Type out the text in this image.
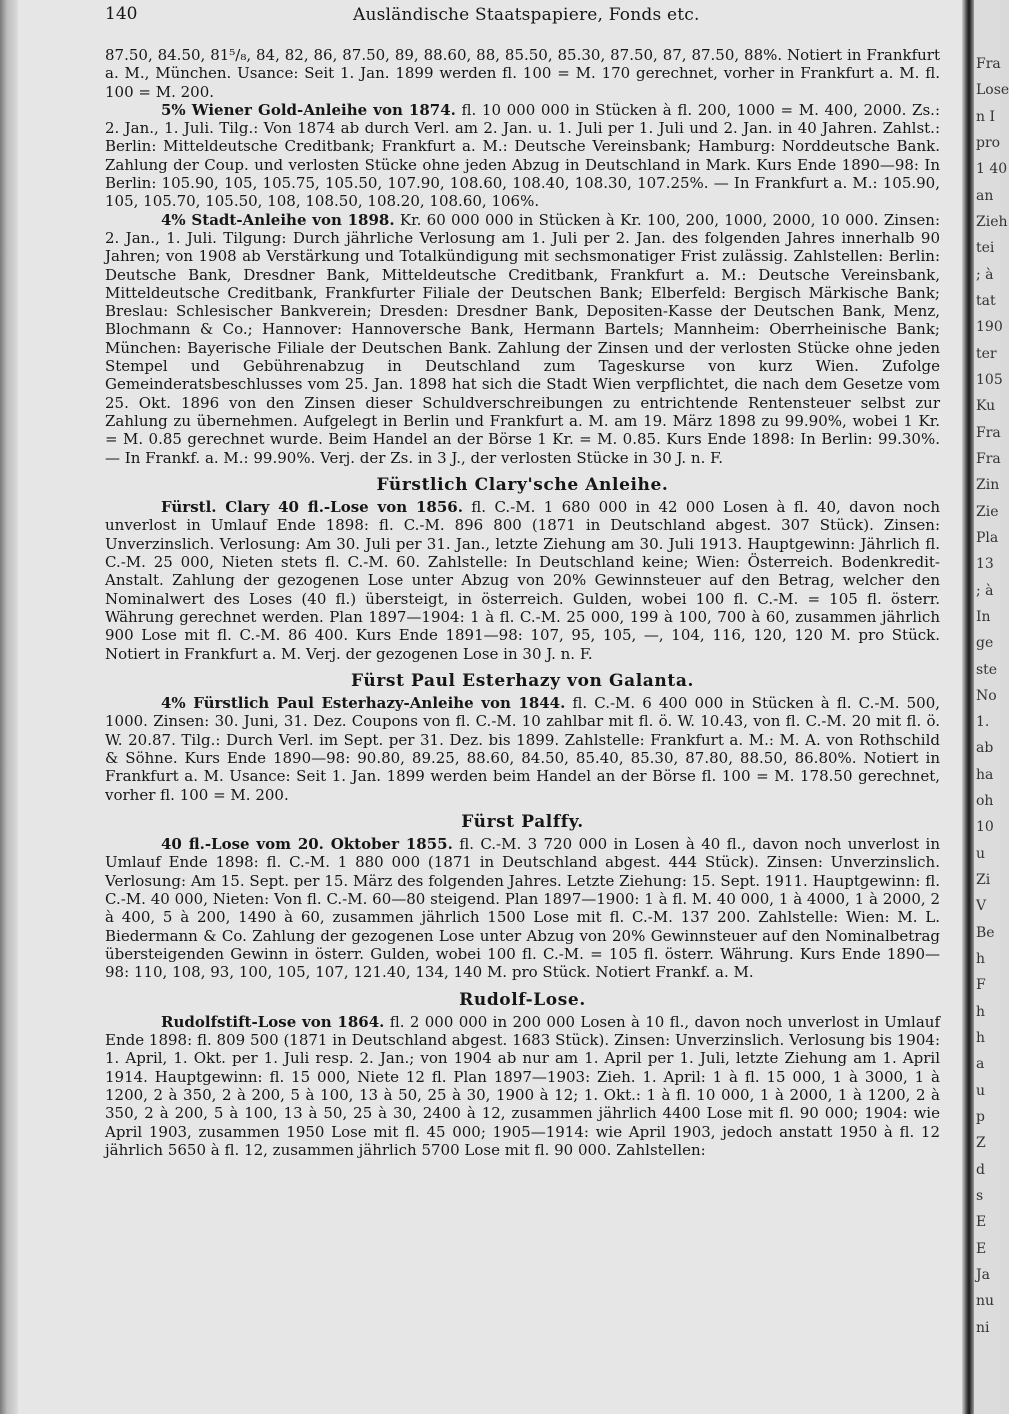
140	Ausländische Staatspapiere, Fonds etc.

87.50, 84.50, 81⁵/₈, 84, 82, 86, 87.50, 89, 88.60, 88, 85.50, 85.30, 87.50, 87, 87.50, 88%. Notiert in Frankfurt a. M., München. Usance: Seit 1. Jan. 1899 werden fl. 100 = M. 170 gerechnet, vorher in Frankfurt a. M. fl. 100 = M. 200.

5% Wiener Gold-Anleihe von 1874. fl. 10 000 000 in Stücken à fl. 200, 1000 = M. 400, 2000. Zs.: 2. Jan., 1. Juli. Tilg.: Von 1874 ab durch Verl. am 2. Jan. u. 1. Juli per 1. Juli und 2. Jan. in 40 Jahren. Zahlst.: Berlin: Mitteldeutsche Creditbank; Frankfurt a. M.: Deutsche Vereinsbank; Hamburg: Norddeutsche Bank. Zahlung der Coup. und verlosten Stücke ohne jeden Abzug in Deutschland in Mark. Kurs Ende 1890—98: In Berlin: 105.90, 105, 105.75, 105.50, 107.90, 108.60, 108.40, 108.30, 107.25%. — In Frankfurt a. M.: 105.90, 105, 105.70, 105.50, 108, 108.50, 108.20, 108.60, 106%.

4% Stadt-Anleihe von 1898. Kr. 60 000 000 in Stücken à Kr. 100, 200, 1000, 2000, 10 000. Zinsen: 2. Jan., 1. Juli. Tilgung: Durch jährliche Verlosung am 1. Juli per 2. Jan. des folgenden Jahres innerhalb 90 Jahren; von 1908 ab Verstärkung und Totalkündigung mit sechsmonatiger Frist zulässig. Zahlstellen: Berlin: Deutsche Bank, Dresdner Bank, Mitteldeutsche Creditbank, Frankfurt a. M.: Deutsche Vereinsbank, Mitteldeutsche Creditbank, Frankfurter Filiale der Deutschen Bank; Elberfeld: Bergisch Märkische Bank; Breslau: Schlesischer Bankverein; Dresden: Dresdner Bank, Depositen-Kasse der Deutschen Bank, Menz, Blochmann & Co.; Hannover: Hannoversche Bank, Hermann Bartels; Mannheim: Oberrheinische Bank; München: Bayerische Filiale der Deutschen Bank. Zahlung der Zinsen und der verlosten Stücke ohne jeden Stempel und Gebührenabzug in Deutschland zum Tageskurse von kurz Wien. Zufolge Gemeinderatsbeschlusses vom 25. Jan. 1898 hat sich die Stadt Wien verpflichtet, die nach dem Gesetze vom 25. Okt. 1896 von den Zinsen dieser Schuldverschreibungen zu entrichtende Rentensteuer selbst zur Zahlung zu übernehmen. Aufgelegt in Berlin und Frankfurt a. M. am 19. März 1898 zu 99.90%, wobei 1 Kr. = M. 0.85 gerechnet wurde. Beim Handel an der Börse 1 Kr. = M. 0.85. Kurs Ende 1898: In Berlin: 99.30%. — In Frankf. a. M.: 99.90%. Verj. der Zs. in 3 J., der verlosten Stücke in 30 J. n. F.

Fürstlich Clary'sche Anleihe.

Fürstl. Clary 40 fl.-Lose von 1856. fl. C.-M. 1 680 000 in 42 000 Losen à fl. 40, davon noch unverlost in Umlauf Ende 1898: fl. C.-M. 896 800 (1871 in Deutschland abgest. 307 Stück). Zinsen: Unverzinslich. Verlosung: Am 30. Juli per 31. Jan., letzte Ziehung am 30. Juli 1913. Hauptgewinn: Jährlich fl. C.-M. 25 000, Nieten stets fl. C.-M. 60. Zahlstelle: In Deutschland keine; Wien: Österreich. Bodenkredit-Anstalt. Zahlung der gezogenen Lose unter Abzug von 20% Gewinnsteuer auf den Betrag, welcher den Nominalwert des Loses (40 fl.) übersteigt, in österreich. Gulden, wobei 100 fl. C.-M. = 105 fl. österr. Währung gerechnet werden. Plan 1897—1904: 1 à fl. C.-M. 25 000, 199 à 100, 700 à 60, zusammen jährlich 900 Lose mit fl. C.-M. 86 400. Kurs Ende 1891—98: 107, 95, 105, —, 104, 116, 120, 120 M. pro Stück. Notiert in Frankfurt a. M. Verj. der gezogenen Lose in 30 J. n. F.

Fürst Paul Esterhazy von Galanta.

4% Fürstlich Paul Esterhazy-Anleihe von 1844. fl. C.-M. 6 400 000 in Stücken à fl. C.-M. 500, 1000. Zinsen: 30. Juni, 31. Dez. Coupons von fl. C.-M. 10 zahlbar mit fl. ö. W. 10.43, von fl. C.-M. 20 mit fl. ö. W. 20.87. Tilg.: Durch Verl. im Sept. per 31. Dez. bis 1899. Zahlstelle: Frankfurt a. M.: M. A. von Rothschild & Söhne. Kurs Ende 1890—98: 90.80, 89.25, 88.60, 84.50, 85.40, 85.30, 87.80, 88.50, 86.80%. Notiert in Frankfurt a. M. Usance: Seit 1. Jan. 1899 werden beim Handel an der Börse fl. 100 = M. 178.50 gerechnet, vorher fl. 100 = M. 200.

Fürst Palffy.

40 fl.-Lose vom 20. Oktober 1855. fl. C.-M. 3 720 000 in Losen à 40 fl., davon noch unverlost in Umlauf Ende 1898: fl. C.-M. 1 880 000 (1871 in Deutschland abgest. 444 Stück). Zinsen: Unverzinslich. Verlosung: Am 15. Sept. per 15. März des folgenden Jahres. Letzte Ziehung: 15. Sept. 1911. Hauptgewinn: fl. C.-M. 40 000, Nieten: Von fl. C.-M. 60—80 steigend. Plan 1897—1900: 1 à fl. M. 40 000, 1 à 4000, 1 à 2000, 2 à 400, 5 à 200, 1490 à 60, zusammen jährlich 1500 Lose mit fl. C.-M. 137 200. Zahlstelle: Wien: M. L. Biedermann & Co. Zahlung der gezogenen Lose unter Abzug von 20% Gewinnsteuer auf den Nominalbetrag übersteigenden Gewinn in österr. Gulden, wobei 100 fl. C.-M. = 105 fl. österr. Währung. Kurs Ende 1890—98: 110, 108, 93, 100, 105, 107, 121.40, 134, 140 M. pro Stück. Notiert Frankf. a. M.

Rudolf-Lose.

Rudolfstift-Lose von 1864. fl. 2 000 000 in 200 000 Losen à 10 fl., davon noch unverlost in Umlauf Ende 1898: fl. 809 500 (1871 in Deutschland abgest. 1683 Stück). Zinsen: Unverzinslich. Verlosung bis 1904: 1. April, 1. Okt. per 1. Juli resp. 2. Jan.; von 1904 ab nur am 1. April per 1. Juli, letzte Ziehung am 1. April 1914. Hauptgewinn: fl. 15 000, Niete 12 fl. Plan 1897—1903: Zieh. 1. April: 1 à fl. 15 000, 1 à 3000, 1 à 1200, 2 à 350, 2 à 200, 5 à 100, 13 à 50, 25 à 30, 1900 à 12; 1. Okt.: 1 à fl. 10 000, 1 à 2000, 1 à 1200, 2 à 350, 2 à 200, 5 à 100, 13 à 50, 25 à 30, 2400 à 12, zusammen jährlich 4400 Lose mit fl. 90 000; 1904: wie April 1903, zusammen 1950 Lose mit fl. 45 000; 1905—1914: wie April 1903, jedoch anstatt 1950 à fl. 12 jährlich 5650 à fl. 12, zusammen jährlich 5700 Lose mit fl. 90 000. Zahlstellen:

Fra
Lose
n I
pro
1 40
an
Zieh
tei
; à
tat
190
ter
105
Ku
Fra
Fra
Zin
Zie
Pla
13
; à
In
ge
ste
No
1.
ab
ha
oh
10
u
Zi
V
Be
h
F
h
h
a
u
p
Z
d
s
E
E
Ja
nu
ni
